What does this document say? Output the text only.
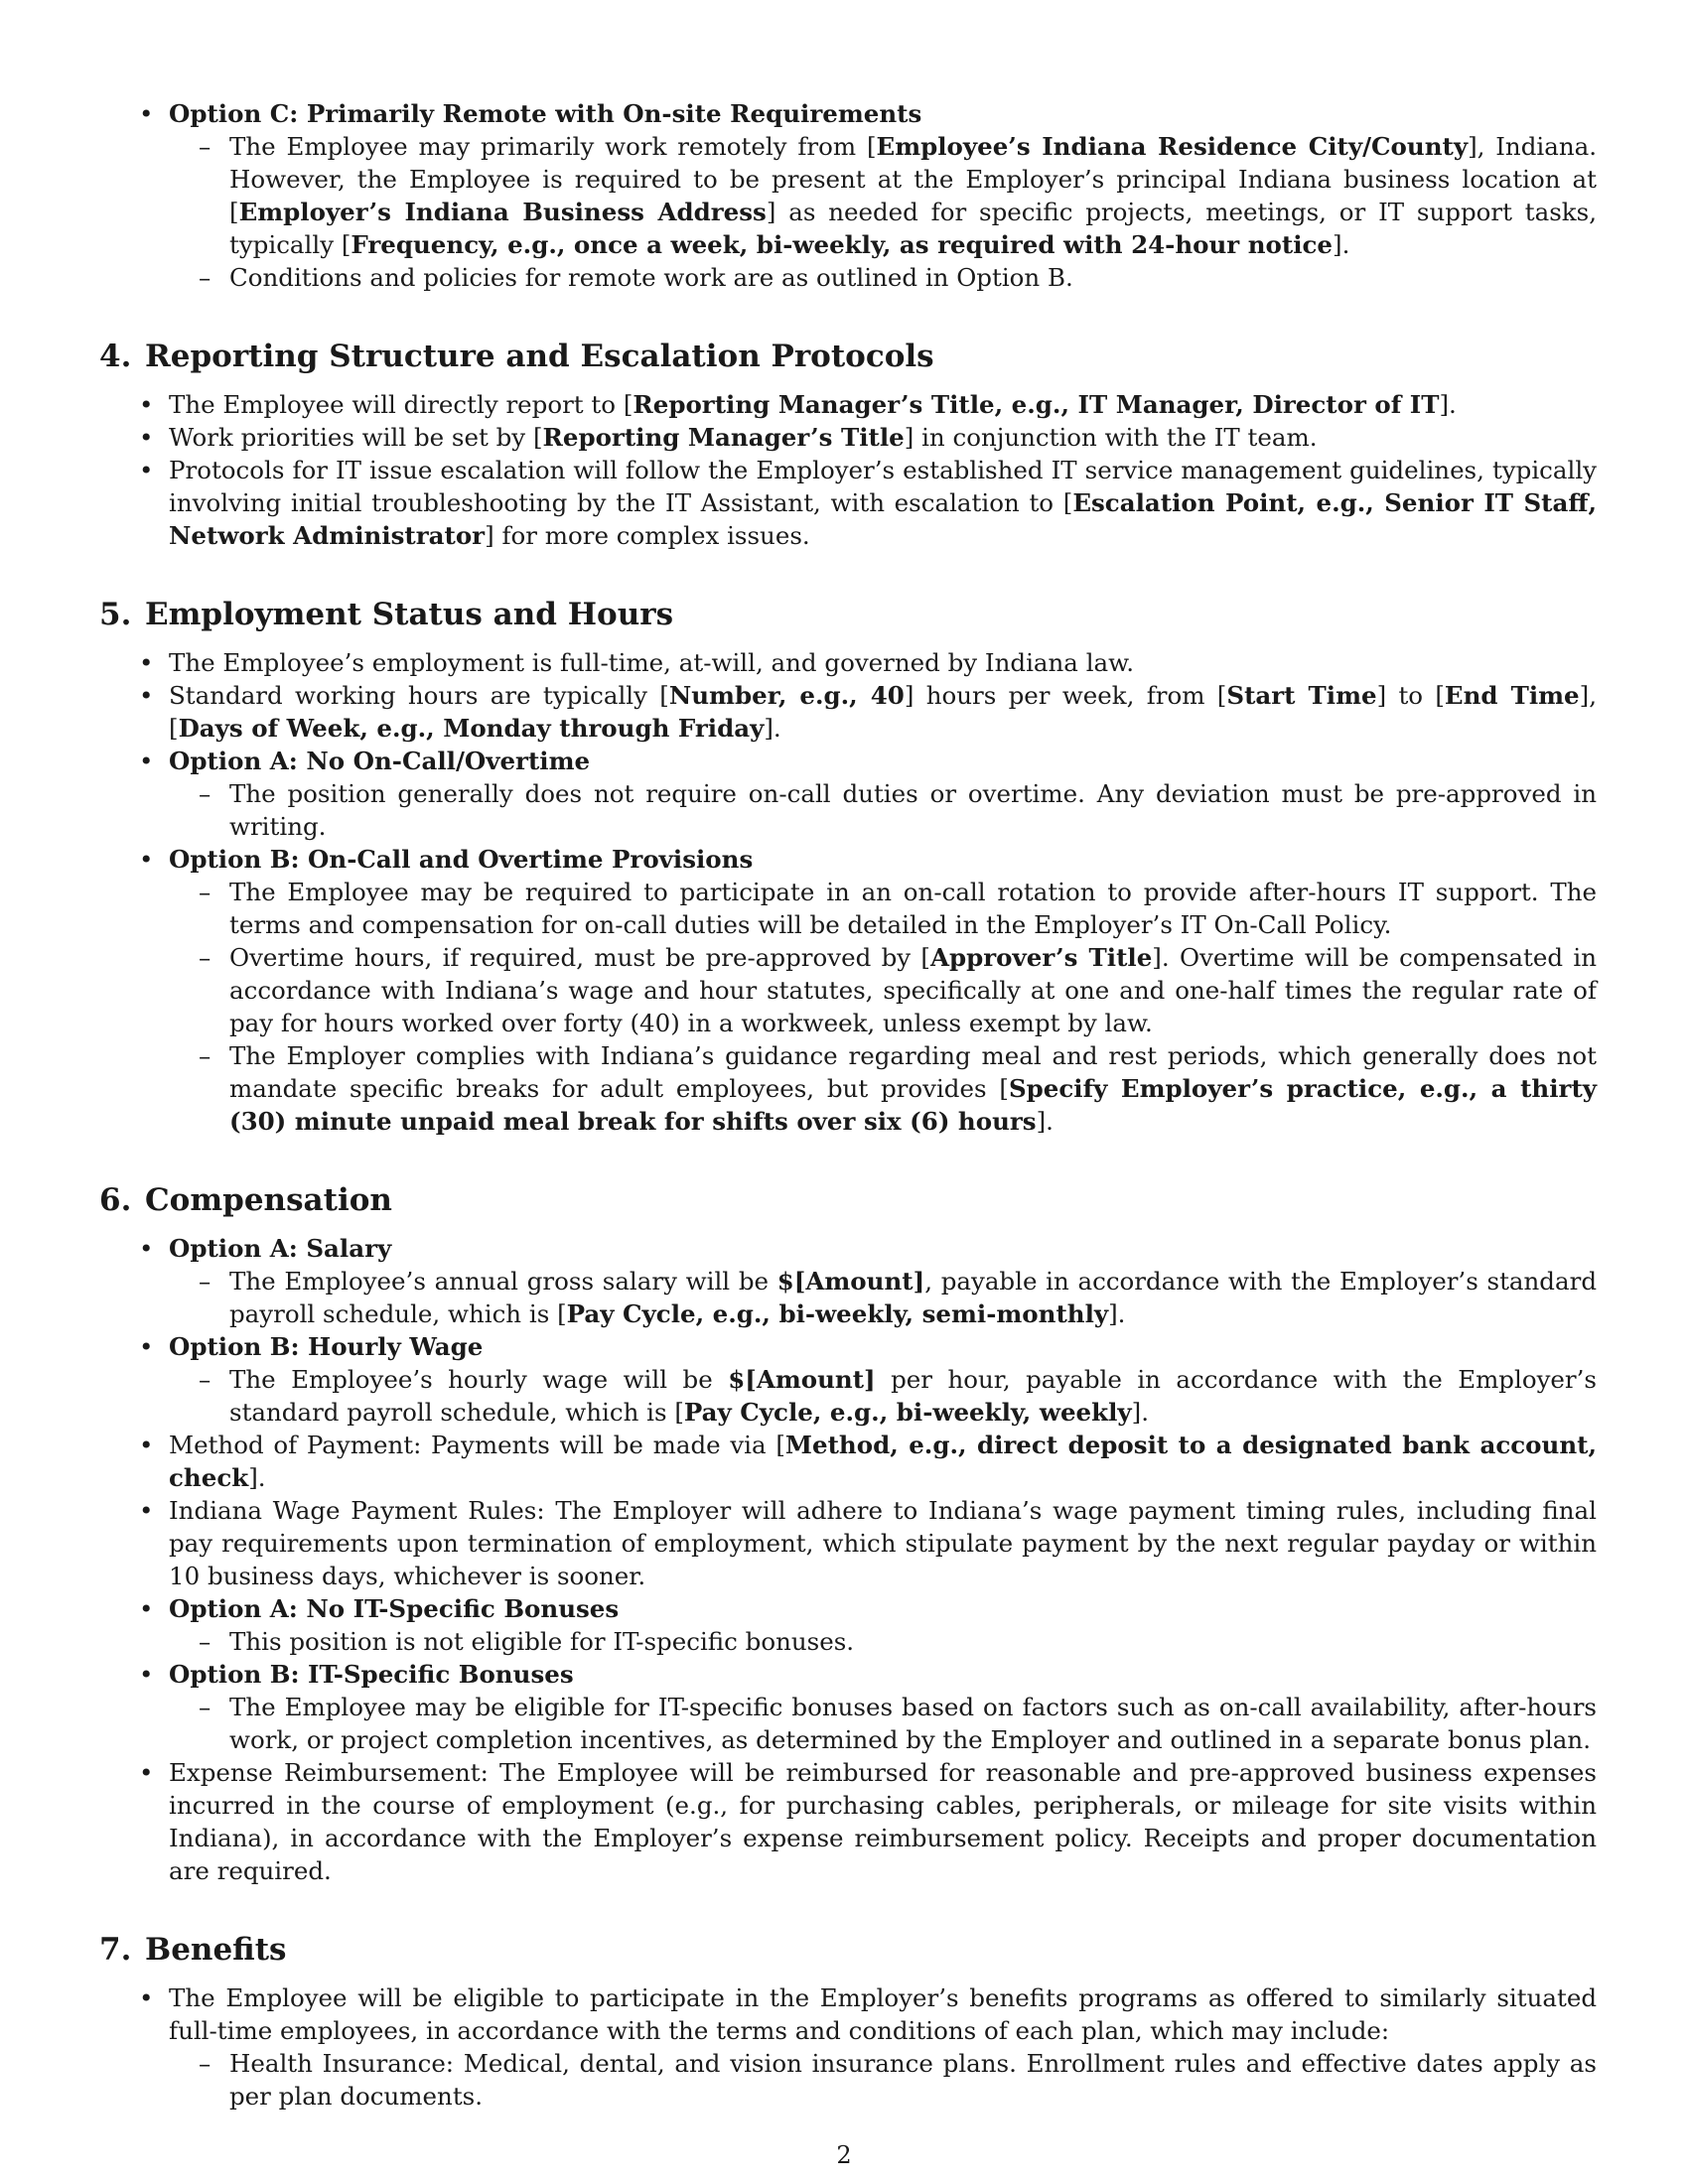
• Option C: Primarily Remote with On-site Requirements
– The Employee may primarily work remotely from [Employee’s Indiana Residence City/County], Indiana. However, the Employee is required to be present at the Employer’s principal Indiana business location at [Employer’s Indiana Business Address] as needed for specific projects, meetings, or IT support tasks, typically [Frequency, e.g., once a week, bi-weekly, as required with 24-hour notice].
– Conditions and policies for remote work are as outlined in Option B.
4. Reporting Structure and Escalation Protocols
• The Employee will directly report to [Reporting Manager’s Title, e.g., IT Manager, Director of IT].
• Work priorities will be set by [Reporting Manager’s Title] in conjunction with the IT team.
• Protocols for IT issue escalation will follow the Employer’s established IT service management guidelines, typically involving initial troubleshooting by the IT Assistant, with escalation to [Escalation Point, e.g., Senior IT Staff, Network Administrator] for more complex issues.
5. Employment Status and Hours
• The Employee’s employment is full-time, at-will, and governed by Indiana law.
• Standard working hours are typically [Number, e.g., 40] hours per week, from [Start Time] to [End Time], [Days of Week, e.g., Monday through Friday].
• Option A: No On-Call/Overtime
– The position generally does not require on-call duties or overtime. Any deviation must be pre-approved in writing.
• Option B: On-Call and Overtime Provisions
– The Employee may be required to participate in an on-call rotation to provide after-hours IT support. The terms and compensation for on-call duties will be detailed in the Employer’s IT On-Call Policy.
– Overtime hours, if required, must be pre-approved by [Approver’s Title]. Overtime will be compensated in accordance with Indiana’s wage and hour statutes, specifically at one and one-half times the regular rate of pay for hours worked over forty (40) in a workweek, unless exempt by law.
– The Employer complies with Indiana’s guidance regarding meal and rest periods, which generally does not mandate specific breaks for adult employees, but provides [Specify Employer’s practice, e.g., a thirty (30) minute unpaid meal break for shifts over six (6) hours].
6. Compensation
• Option A: Salary
– The Employee’s annual gross salary will be $[Amount], payable in accordance with the Employer’s standard payroll schedule, which is [Pay Cycle, e.g., bi-weekly, semi-monthly].
• Option B: Hourly Wage
– The Employee’s hourly wage will be $[Amount] per hour, payable in accordance with the Employer’s standard payroll schedule, which is [Pay Cycle, e.g., bi-weekly, weekly].
• Method of Payment: Payments will be made via [Method, e.g., direct deposit to a designated bank account, check].
• Indiana Wage Payment Rules: The Employer will adhere to Indiana’s wage payment timing rules, including final pay requirements upon termination of employment, which stipulate payment by the next regular payday or within 10 business days, whichever is sooner.
• Option A: No IT-Specific Bonuses
– This position is not eligible for IT-specific bonuses.
• Option B: IT-Specific Bonuses
– The Employee may be eligible for IT-specific bonuses based on factors such as on-call availability, after-hours work, or project completion incentives, as determined by the Employer and outlined in a separate bonus plan.
• Expense Reimbursement: The Employee will be reimbursed for reasonable and pre-approved business expenses incurred in the course of employment (e.g., for purchasing cables, peripherals, or mileage for site visits within Indiana), in accordance with the Employer’s expense reimbursement policy. Receipts and proper documentation are required.
7. Benefits
• The Employee will be eligible to participate in the Employer’s benefits programs as offered to similarly situated full-time employees, in accordance with the terms and conditions of each plan, which may include:
– Health Insurance: Medical, dental, and vision insurance plans. Enrollment rules and effective dates apply as per plan documents.
2
